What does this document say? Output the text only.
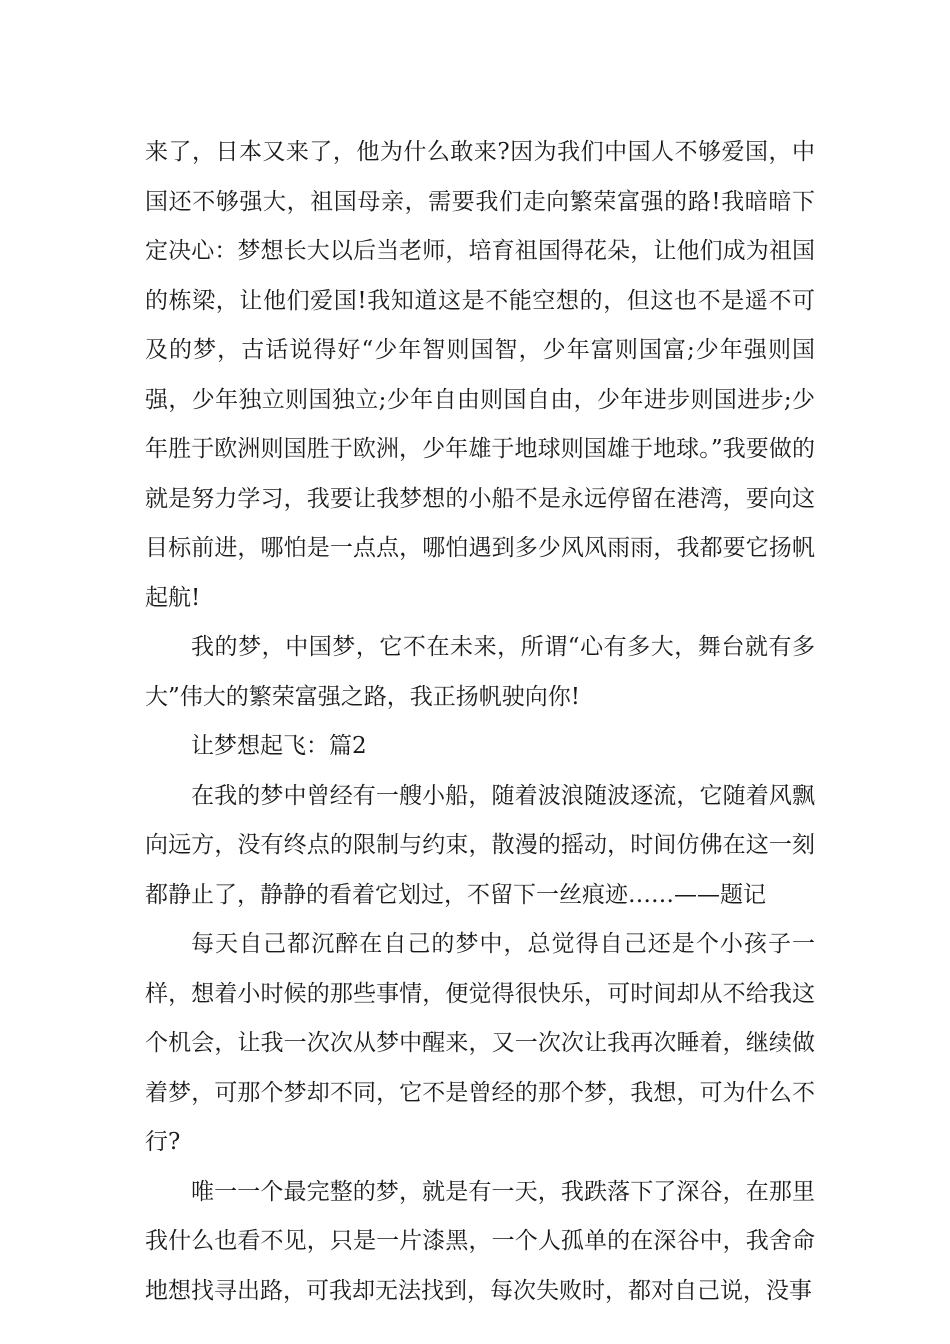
来了，日本又来了，他为什么敢来?因为我们中国人不够爱国，中国还不够强大，祖国母亲，需要我们走向繁荣富强的路!我暗暗下定决心：梦想长大以后当老师，培育祖国得花朵，让他们成为祖国的栋梁，让他们爱国!我知道这是不能空想的，但这也不是遥不可及的梦，古话说得好“少年智则国智，少年富则国富;少年强则国强，少年独立则国独立;少年自由则国自由，少年进步则国进步;少年胜于欧洲则国胜于欧洲，少年雄于地球则国雄于地球。”我要做的就是努力学习，我要让我梦想的小船不是永远停留在港湾，要向这目标前进，哪怕是一点点，哪怕遇到多少风风雨雨，我都要它扬帆起航!

我的梦，中国梦，它不在未来，所谓“心有多大，舞台就有多大”伟大的繁荣富强之路，我正扬帆驶向你!

让梦想起飞：篇2

在我的梦中曾经有一艘小船，随着波浪随波逐流，它随着风飘向远方，没有终点的限制与约束，散漫的摇动，时间仿佛在这一刻都静止了，静静的看着它划过，不留下一丝痕迹……——题记

每天自己都沉醉在自己的梦中，总觉得自己还是个小孩子一样，想着小时候的那些事情，便觉得很快乐，可时间却从不给我这个机会，让我一次次从梦中醒来，又一次次让我再次睡着，继续做着梦，可那个梦却不同，它不是曾经的那个梦，我想，可为什么不行?

唯一一个最完整的梦，就是有一天，我跌落下了深谷，在那里我什么也看不见，只是一片漆黑，一个人孤单的在深谷中，我舍命地想找寻出路，可我却无法找到，每次失败时，都对自己说，没事
